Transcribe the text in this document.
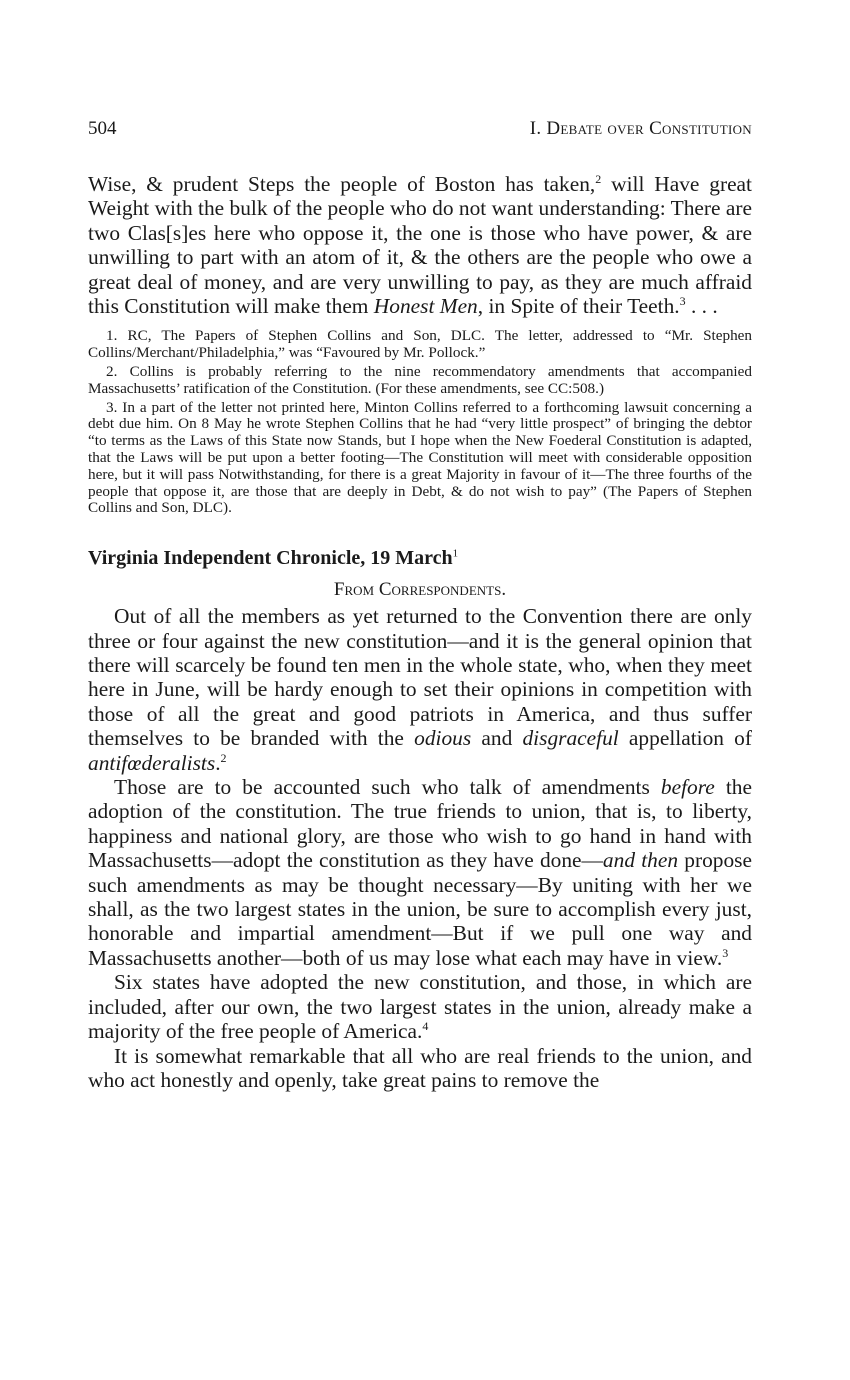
504	I. Debate over Constitution

Wise, & prudent Steps the people of Boston has taken,$^2$ will Have great Weight with the bulk of the people who do not want understanding: There are two Clas[s]es here who oppose it, the one is those who have power, & are unwilling to part with an atom of it, & the others are the people who owe a great deal of money, and are very unwilling to pay, as they are much affraid this Constitution will make them Honest Men, in Spite of their Teeth.$^3$ . . .

1. RC, The Papers of Stephen Collins and Son, DLC. The letter, addressed to “Mr. Stephen Collins/Merchant/Philadelphia,” was “Favoured by Mr. Pollock.”

2. Collins is probably referring to the nine recommendatory amendments that accompanied Massachusetts’ ratification of the Constitution. (For these amendments, see CC:508.)

3. In a part of the letter not printed here, Minton Collins referred to a forthcoming lawsuit concerning a debt due him. On 8 May he wrote Stephen Collins that he had “very little prospect” of bringing the debtor “to terms as the Laws of this State now Stands, but I hope when the New Foederal Constitution is adapted, that the Laws will be put upon a better footing—The Constitution will meet with considerable opposition here, but it will pass Notwithstanding, for there is a great Majority in favour of it—The three fourths of the people that oppose it, are those that are deeply in Debt, & do not wish to pay” (The Papers of Stephen Collins and Son, DLC).

Virginia Independent Chronicle, 19 March$^1$
From Correspondents.

Out of all the members as yet returned to the Convention there are only three or four against the new constitution—and it is the general opinion that there will scarcely be found ten men in the whole state, who, when they meet here in June, will be hardy enough to set their opinions in competition with those of all the great and good patriots in America, and thus suffer themselves to be branded with the odious and disgraceful appellation of antifœderalists.$^2$

Those are to be accounted such who talk of amendments before the adoption of the constitution. The true friends to union, that is, to liberty, happiness and national glory, are those who wish to go hand in hand with Massachusetts—adopt the constitution as they have done—and then propose such amendments as may be thought necessary—By uniting with her we shall, as the two largest states in the union, be sure to accomplish every just, honorable and impartial amendment—But if we pull one way and Massachusetts another—both of us may lose what each may have in view.$^3$

Six states have adopted the new constitution, and those, in which are included, after our own, the two largest states in the union, already make a majority of the free people of America.$^4$

It is somewhat remarkable that all who are real friends to the union, and who act honestly and openly, take great pains to remove the
